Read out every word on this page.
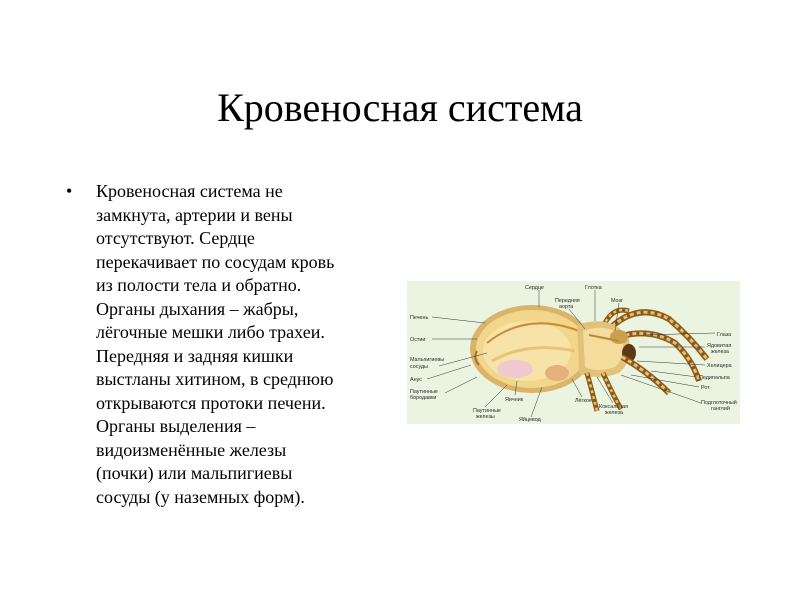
Кровеносная система
• Кровеносная система не
замкнута, артерии и вены
отсутствуют. Сердце
перекачивает по сосудам кровь
из полости тела и обратно.
Органы дыхания – жабры,
лёгочные мешки либо трахеи.
Передняя и задняя кишки
выстланы хитином, в среднюю
открываются протоки печени.
Органы выделения –
видоизменённые железы
(почки) или мальпигиевы
сосуды (у наземных форм).
Сердце	Глотка
Передняя
аорта
Мозг
Печень
Остии
Мальпигиевы
сосуды
Анус
Паутинные
бородавки
Паутинные
железы
Яичник
Яйцевод
Лёгкое
Коксальная
железа
Глаза
Ядовитая
железа
Хелицера
Педипальпа
Рот
Подглоточный
ганглий
